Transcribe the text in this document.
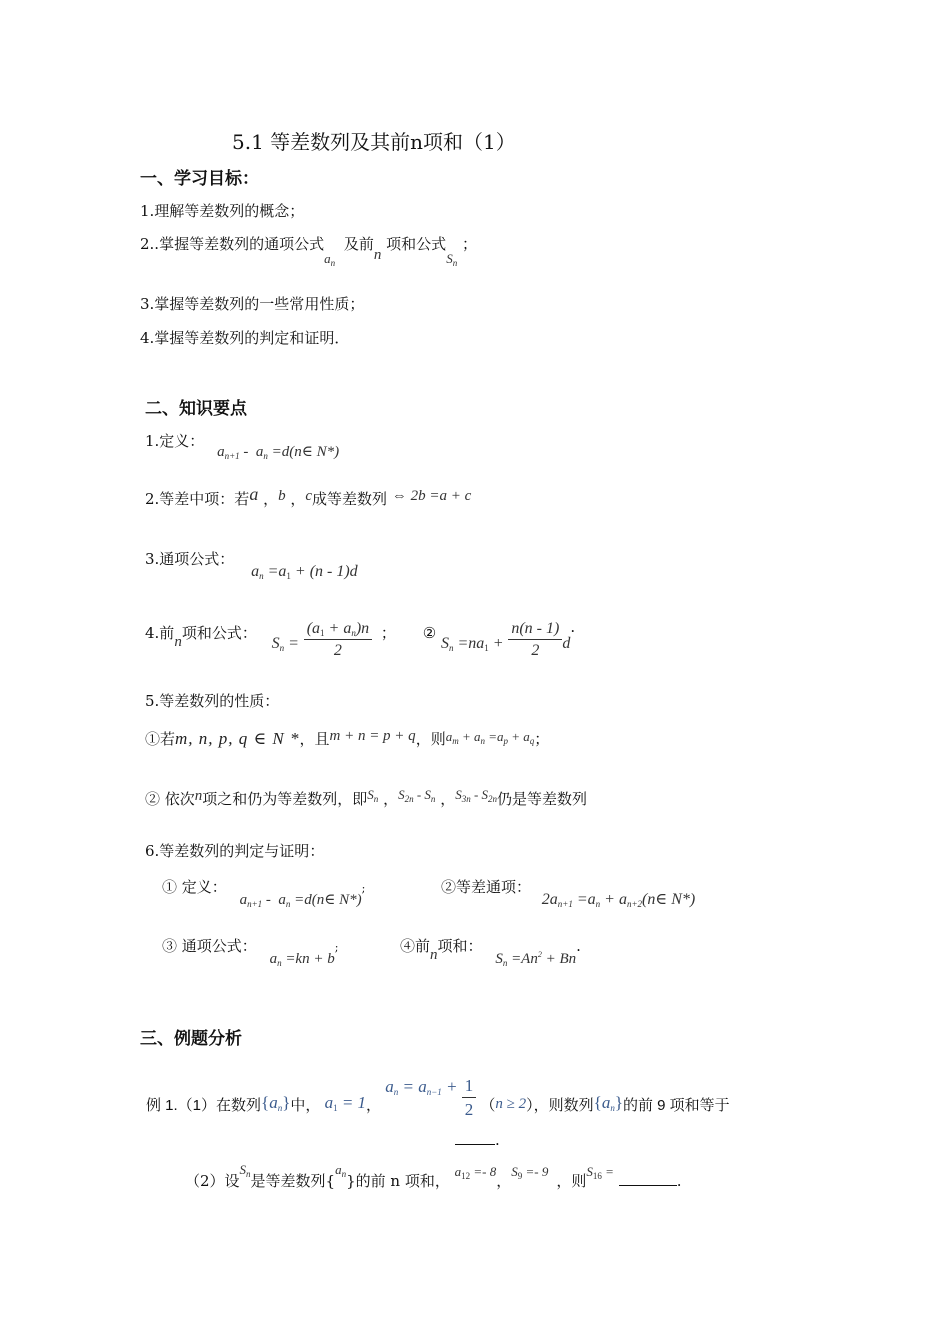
5.1 等差数列及其前n项和（1）
一、学习目标：
1.理解等差数列的概念；
2..掌握等差数列的通项公式$a_n$ 及前n 项和公式$S_n$ ；
3.掌握等差数列的一些常用性质；
4.掌握等差数列的判定和证明．
二、知识要点
1.定义： $a_{n+1} - a_n$ =d(n∈ N*)
2.等差中项：若a ，b ，c成等差数列 ⇔ 2b =a + c
3.通项公式： $a_n =a_1 + (n - 1)d$
4.前n项和公式： $S_n = \frac{(a_1 + a_n)n}{2}$ ； ② $S_n =na_1 + \frac{n(n - 1)}{2} d\cdot$
5.等差数列的性质：
①若m, n, p, q ∈ N *，且m + n = p + q，则$a_m + a_n =a_p + a_q$；
② 依次n项之和仍为等差数列，即$S_n$ ，$S_{2n} - S_n$ ，$S_{3n} - S_{2n}$仍是等差数列
6.等差数列的判定与证明：
① 定义： $a_{n+1} - a_n$ =d(n∈ N*);	②等差通项： $2a_{n+1} =a_n$ + $a_{n+2}(n\in$ N*)
③ 通项公式： $a_n =kn + b$;	④前n项和： $S_n =An^2 + Bn$.
三、例题分析
例 1.（1）在数列$\{a_n\}$中， $a_1 = 1$， $a_n = a_{n-1} + \frac{1}{2} (n \ge 2)$，则数列$\{a_n\}$的前 9 项和等于
.
（2）设$S_n$是等差数列$\{a_n\}$的前 n 项和， $a_{12} =- 8$，$S_9 =- 9$，则$S_{16}$ = .
